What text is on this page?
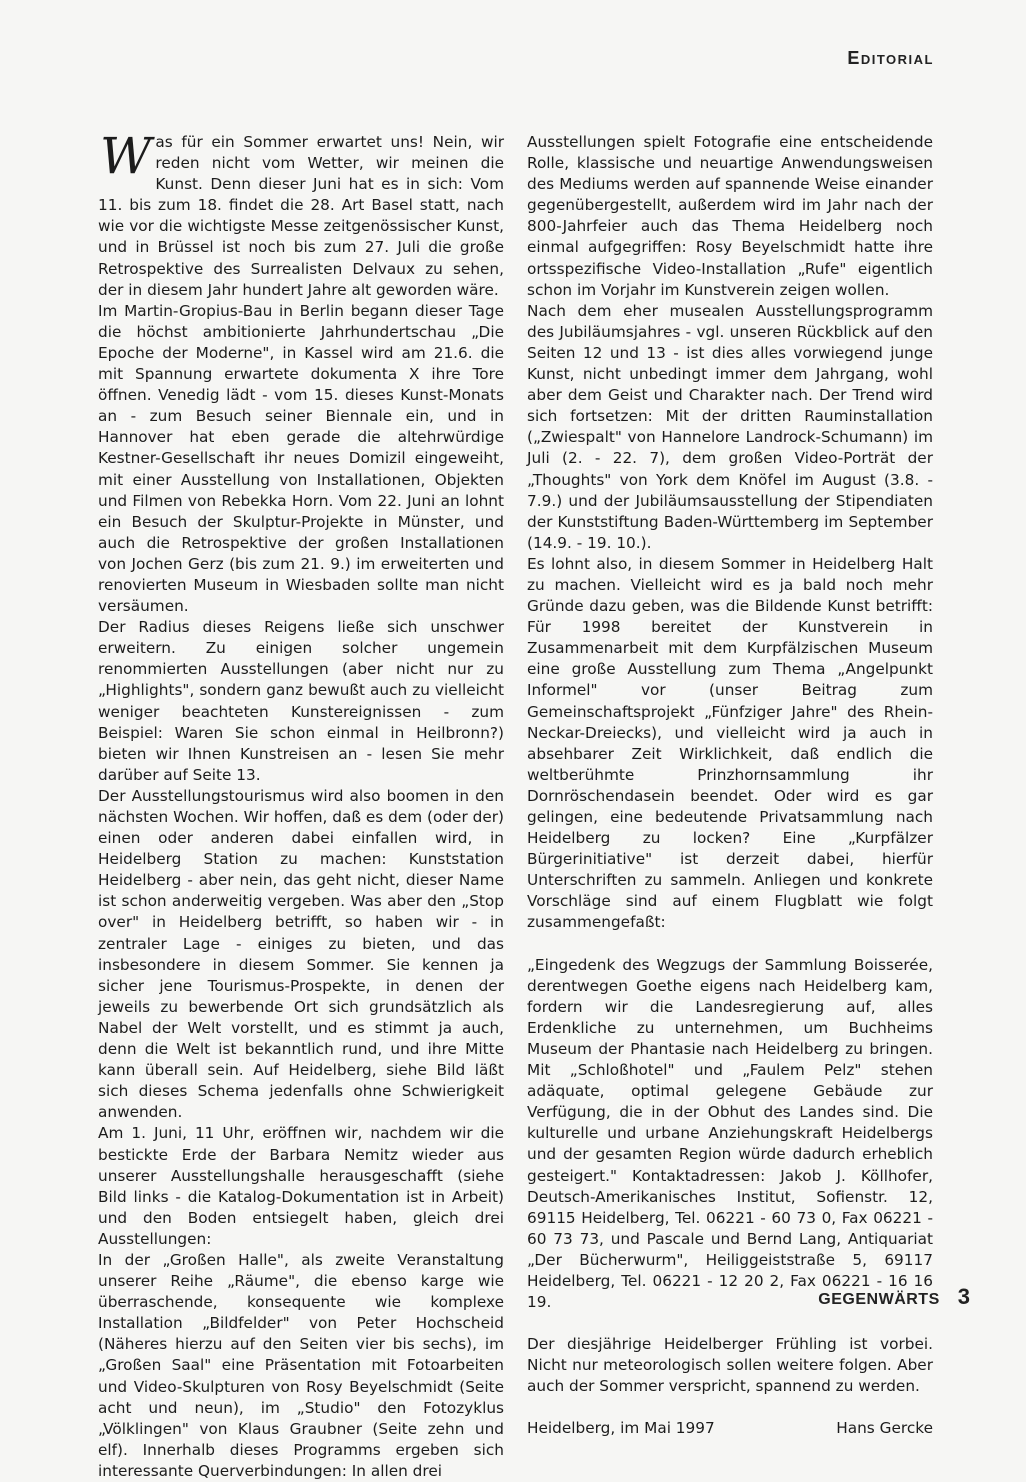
Editorial

Was für ein Sommer erwartet uns! Nein, wir reden nicht vom Wetter, wir meinen die Kunst. Denn dieser Juni hat es in sich: Vom 11. bis zum 18. findet die 28. Art Basel statt, nach wie vor die wichtigste Messe zeitgenössischer Kunst, und in Brüssel ist noch bis zum 27. Juli die große Retrospektive des Surrealisten Delvaux zu sehen, der in diesem Jahr hundert Jahre alt geworden wäre.

Im Martin-Gropius-Bau in Berlin begann dieser Tage die höchst ambitionierte Jahrhundertschau „Die Epoche der Moderne", in Kassel wird am 21.6. die mit Spannung erwartete dokumenta X ihre Tore öffnen. Venedig lädt - vom 15. dieses Kunst-Monats an - zum Besuch seiner Biennale ein, und in Hannover hat eben gerade die altehrwürdige Kestner-Gesellschaft ihr neues Domizil eingeweiht, mit einer Ausstellung von Installationen, Objekten und Filmen von Rebekka Horn. Vom 22. Juni an lohnt ein Besuch der Skulptur-Projekte in Münster, und auch die Retrospektive der großen Installationen von Jochen Gerz (bis zum 21. 9.) im erweiterten und renovierten Museum in Wiesbaden sollte man nicht versäumen.

Der Radius dieses Reigens ließe sich unschwer erweitern. Zu einigen solcher ungemein renommierten Ausstellungen (aber nicht nur zu „Highlights", sondern ganz bewußt auch zu vielleicht weniger beachteten Kunstereignissen - zum Beispiel: Waren Sie schon einmal in Heilbronn?) bieten wir Ihnen Kunstreisen an - lesen Sie mehr darüber auf Seite 13.

Der Ausstellungstourismus wird also boomen in den nächsten Wochen. Wir hoffen, daß es dem (oder der) einen oder anderen dabei einfallen wird, in Heidelberg Station zu machen: Kunststation Heidelberg - aber nein, das geht nicht, dieser Name ist schon anderweitig vergeben. Was aber den „Stop over" in Heidelberg betrifft, so haben wir - in zentraler Lage - einiges zu bieten, und das insbesondere in diesem Sommer. Sie kennen ja sicher jene Tourismus-Prospekte, in denen der jeweils zu bewerbende Ort sich grundsätzlich als Nabel der Welt vorstellt, und es stimmt ja auch, denn die Welt ist bekanntlich rund, und ihre Mitte kann überall sein. Auf Heidelberg, siehe Bild läßt sich dieses Schema jedenfalls ohne Schwierigkeit anwenden.

Am 1. Juni, 11 Uhr, eröffnen wir, nachdem wir die bestickte Erde der Barbara Nemitz wieder aus unserer Ausstellungshalle herausgeschafft (siehe Bild links - die Katalog-Dokumentation ist in Arbeit) und den Boden entsiegelt haben, gleich drei Ausstellungen:

In der „Großen Halle", als zweite Veranstaltung unserer Reihe „Räume", die ebenso karge wie überraschende, konsequente wie komplexe Installation „Bildfelder" von Peter Hochscheid (Näheres hierzu auf den Seiten vier bis sechs), im „Großen Saal" eine Präsentation mit Fotoarbeiten und Video-Skulpturen von Rosy Beyelschmidt (Seite acht und neun), im „Studio" den Fotozyklus „Völklingen" von Klaus Graubner (Seite zehn und elf). Innerhalb dieses Programms ergeben sich interessante Querverbindungen: In allen drei

Ausstellungen spielt Fotografie eine entscheidende Rolle, klassische und neuartige Anwendungsweisen des Mediums werden auf spannende Weise einander gegenübergestellt, außerdem wird im Jahr nach der 800-Jahrfeier auch das Thema Heidelberg noch einmal aufgegriffen: Rosy Beyelschmidt hatte ihre ortsspezifische Video-Installation „Rufe" eigentlich schon im Vorjahr im Kunstverein zeigen wollen.

Nach dem eher musealen Ausstellungsprogramm des Jubiläumsjahres - vgl. unseren Rückblick auf den Seiten 12 und 13 - ist dies alles vorwiegend junge Kunst, nicht unbedingt immer dem Jahrgang, wohl aber dem Geist und Charakter nach. Der Trend wird sich fortsetzen: Mit der dritten Rauminstallation („Zwiespalt" von Hannelore Landrock-Schumann) im Juli (2. - 22. 7), dem großen Video-Porträt der „Thoughts" von York dem Knöfel im August (3.8. - 7.9.) und der Jubiläumsausstellung der Stipendiaten der Kunststiftung Baden-Württemberg im September (14.9. - 19. 10.).

Es lohnt also, in diesem Sommer in Heidelberg Halt zu machen. Vielleicht wird es ja bald noch mehr Gründe dazu geben, was die Bildende Kunst betrifft: Für 1998 bereitet der Kunstverein in Zusammenarbeit mit dem Kurpfälzischen Museum eine große Ausstellung zum Thema „Angelpunkt Informel" vor (unser Beitrag zum Gemeinschaftsprojekt „Fünfziger Jahre" des Rhein-Neckar-Dreiecks), und vielleicht wird ja auch in absehbarer Zeit Wirklichkeit, daß endlich die weltberühmte Prinzhornsammlung ihr Dornröschendasein beendet. Oder wird es gar gelingen, eine bedeutende Privatsammlung nach Heidelberg zu locken? Eine „Kurpfälzer Bürgerinitiative" ist derzeit dabei, hierfür Unterschriften zu sammeln. Anliegen und konkrete Vorschläge sind auf einem Flugblatt wie folgt zusammengefaßt:

„Eingedenk des Wegzugs der Sammlung Boisserée, derentwegen Goethe eigens nach Heidelberg kam, fordern wir die Landesregierung auf, alles Erdenkliche zu unternehmen, um Buchheims Museum der Phantasie nach Heidelberg zu bringen. Mit „Schloßhotel" und „Faulem Pelz" stehen adäquate, optimal gelegene Gebäude zur Verfügung, die in der Obhut des Landes sind. Die kulturelle und urbane Anziehungskraft Heidelbergs und der gesamten Region würde dadurch erheblich gesteigert." Kontaktadressen: Jakob J. Köllhofer, Deutsch-Amerikanisches Institut, Sofienstr. 12, 69115 Heidelberg, Tel. 06221 - 60 73 0, Fax 06221 - 60 73 73, und Pascale und Bernd Lang, Antiquariat „Der Bücherwurm", Heiliggeiststraße 5, 69117 Heidelberg, Tel. 06221 - 12 20 2, Fax 06221 - 16 16 19.

Der diesjährige Heidelberger Frühling ist vorbei. Nicht nur meteorologisch sollen weitere folgen. Aber auch der Sommer verspricht, spannend zu werden.

Heidelberg, im Mai 1997	Hans Gercke

GEGENWÄRTS 3
